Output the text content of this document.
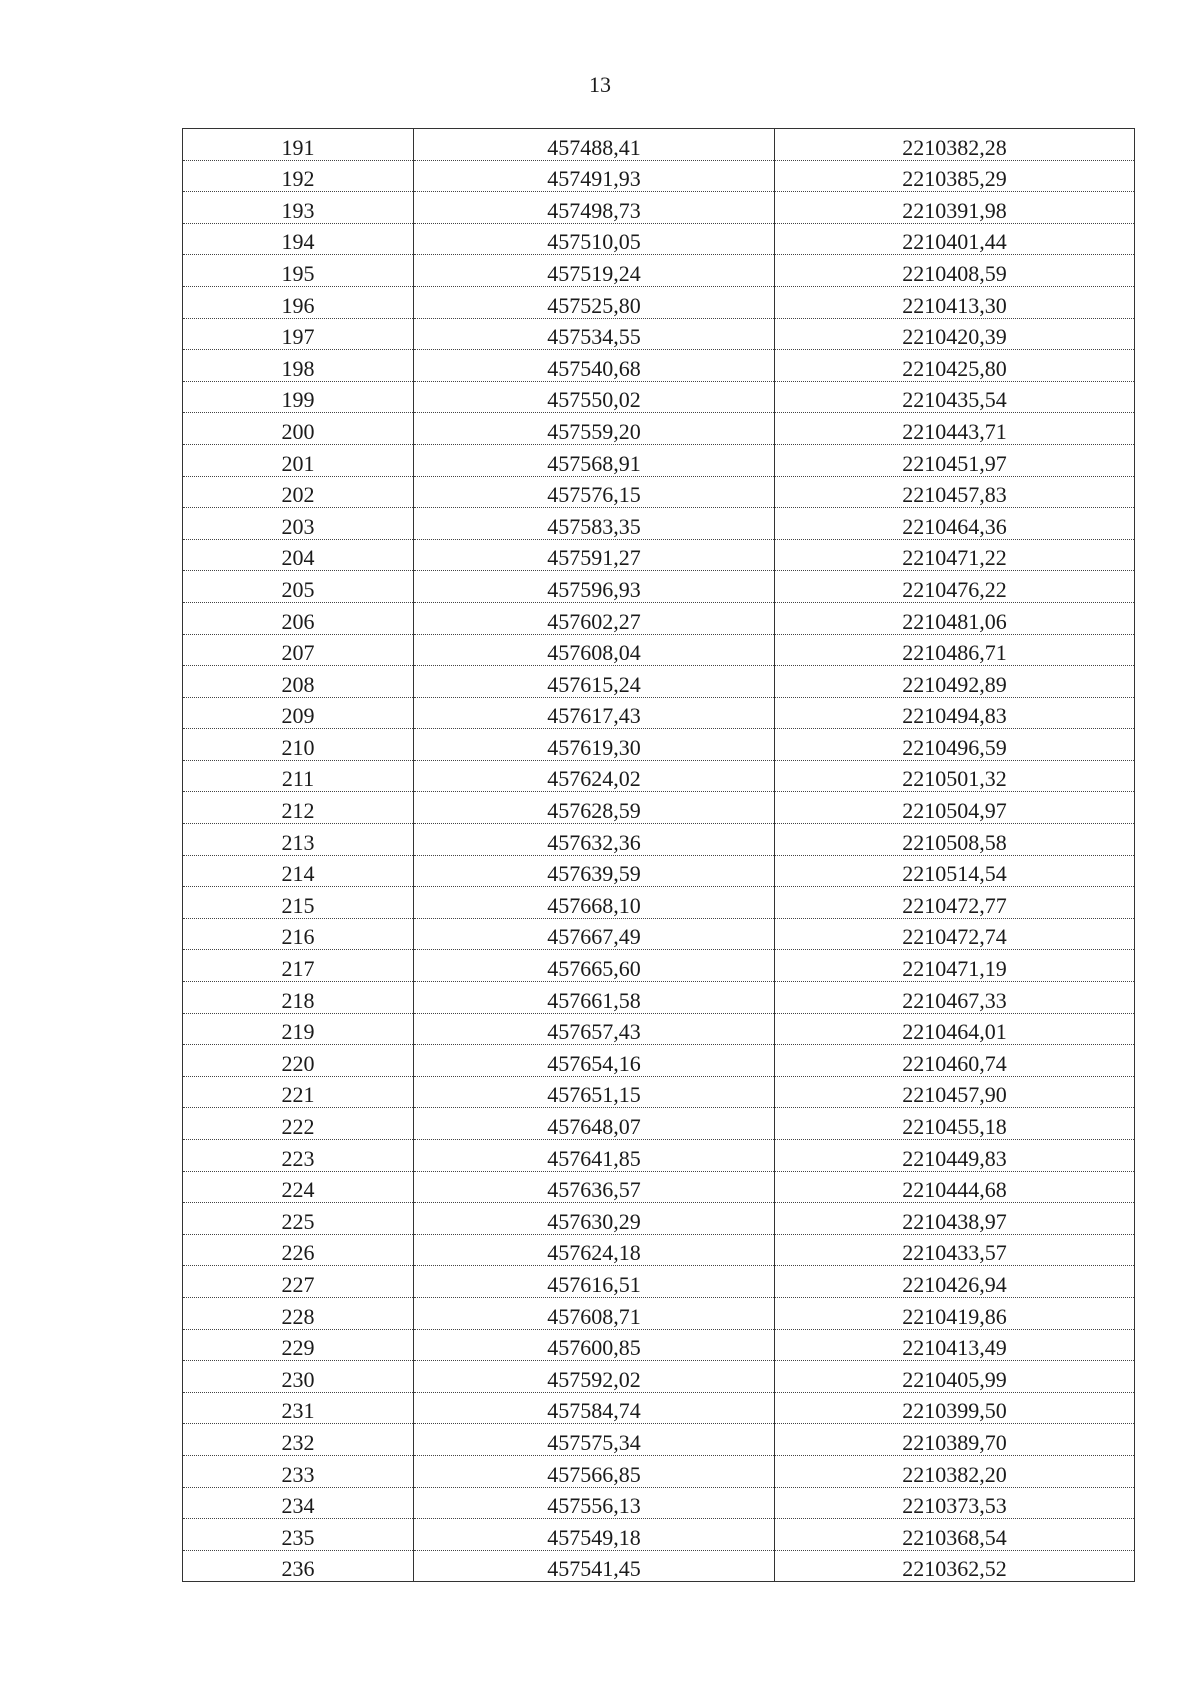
13
191	457488,41	2210382,28
192	457491,93	2210385,29
193	457498,73	2210391,98
194	457510,05	2210401,44
195	457519,24	2210408,59
196	457525,80	2210413,30
197	457534,55	2210420,39
198	457540,68	2210425,80
199	457550,02	2210435,54
200	457559,20	2210443,71
201	457568,91	2210451,97
202	457576,15	2210457,83
203	457583,35	2210464,36
204	457591,27	2210471,22
205	457596,93	2210476,22
206	457602,27	2210481,06
207	457608,04	2210486,71
208	457615,24	2210492,89
209	457617,43	2210494,83
210	457619,30	2210496,59
211	457624,02	2210501,32
212	457628,59	2210504,97
213	457632,36	2210508,58
214	457639,59	2210514,54
215	457668,10	2210472,77
216	457667,49	2210472,74
217	457665,60	2210471,19
218	457661,58	2210467,33
219	457657,43	2210464,01
220	457654,16	2210460,74
221	457651,15	2210457,90
222	457648,07	2210455,18
223	457641,85	2210449,83
224	457636,57	2210444,68
225	457630,29	2210438,97
226	457624,18	2210433,57
227	457616,51	2210426,94
228	457608,71	2210419,86
229	457600,85	2210413,49
230	457592,02	2210405,99
231	457584,74	2210399,50
232	457575,34	2210389,70
233	457566,85	2210382,20
234	457556,13	2210373,53
235	457549,18	2210368,54
236	457541,45	2210362,52
